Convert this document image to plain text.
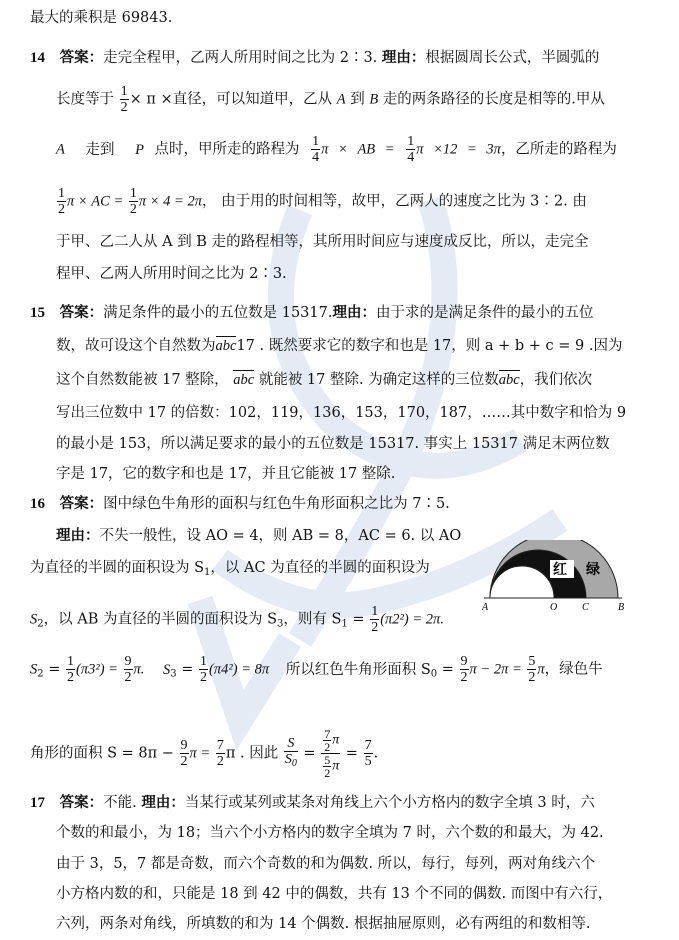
最大的乘积是 69843.
14 答案：走完全程甲，乙两人所用时间之比为 2∶3. 理由：根据圆周长公式，半圆弧的
长度等于 $\frac{1}{2} \times \pi$ ×直径，可以知道甲，乙从 A 到 B 走的两条路径的长度是相等的.甲从
A 走到 P 点时，甲所走的路程为 $\frac{1}{4}$ π × AB = $\frac{1}{4}$ π ×12 = 3π，乙所走的路程为
$\frac{1}{2}$ π × AC = $\frac{1}{2}$ π × 4 = 2π， 由于用的时间相等，故甲，乙两人的速度之比为 3∶2. 由
于甲、乙二人从 A 到 B 走的路程相等，其所用时间应与速度成反比，所以，走完全
程甲、乙两人所用时间之比为 2∶3.
15 答案：满足条件的最小的五位数是 15317.理由：由于求的是满足条件的最小的五位
数，故可设这个自然数为abc17 . 既然要求它的数字和也是 17，则 a + b + c = 9 .因为
这个自然数能被 17 整除， abc 就能被 17 整除. 为确定这样的三位数abc，我们依次
写出三位数中 17 的倍数：102，119，136，153，170，187，……其中数字和恰为 9
的最小是 153，所以满足要求的最小的五位数是 15317. 事实上 15317 满足末两位数
字是 17，它的数字和也是 17，并且它能被 17 整除.
16 答案：图中绿色牛角形的面积与红色牛角形面积之比为 7∶5.
理由：不失一般性，设 AO = 4，则 AB = 8，AC = 6. 以 AO
为直径的半圆的面积设为 $S_1$，以 AC 为直径的半圆的面积设为
$S_2$，以 AB 为直径的半圆的面积设为 $S_3$，则有 $S_1 = \frac{1}{2} (\pi 2^2) = 2\pi$.
$S_2 = \frac{1}{2} (\pi 3^2) = \frac{9}{2} \pi$. $S_3 = \frac{1}{2} (\pi 4^2) = 8\pi$ 所以红色牛角形面积 $S_0 = \frac{9}{2}$ $\pi - 2\pi = \frac{5}{2}$ π，绿色牛
角形的面积 $S = 8\pi - \frac{9}{2}$ $\pi = \frac{7}{2}$ π . 因此 $\frac{S}{S_0} = \frac{\frac{7}{2} \pi}{\frac{5}{2} \pi} = \frac{7}{5}$ .
红 绿
A	O C	B
17 答案：不能. 理由：当某行或某列或某条对角线上六个小方格内的数字全填 3 时，六
个数的和最小，为 18；当六个小方格内的数字全填为 7 时，六个数的和最大，为 42.
由于 3，5，7 都是奇数，而六个奇数的和为偶数. 所以，每行，每列，两对角线六个
小方格内数的和，只能是 18 到 42 中的偶数，共有 13 个不同的偶数. 而图中有六行，
六列，两条对角线，所填数的和为 14 个偶数. 根据抽屉原则，必有两组的和数相等.
